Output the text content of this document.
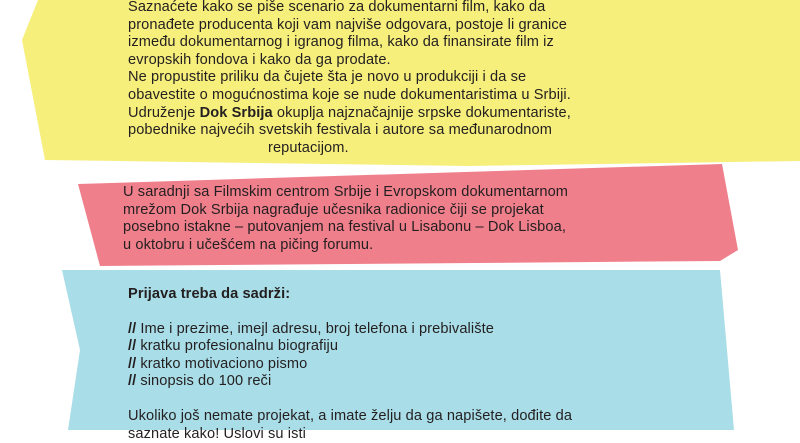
Saznaćete kako se piše scenario za dokumentarni film, kako da
pronađete producenta koji vam najviše odgovara, postoje li granice
između dokumentarnog i igranog filma, kako da finansirate film iz
evropskih fondova i kako da ga prodate.
Ne propustite priliku da čujete šta je novo u produkciji i da se
obavestite o mogućnostima koje se nude dokumentaristima u Srbiji.
Udruženje Dok Srbija okuplja najznačajnije srpske dokumentariste,
pobednike najvećih svetskih festivala i autore sa međunarodnom
reputacijom.
U saradnji sa Filmskim centrom Srbije i Evropskom dokumentarnom
mrežom Dok Srbija nagrađuje učesnika radionice čiji se projekat
posebno istakne – putovanjem na festival u Lisabonu – Dok Lisboa,
u oktobru i učešćem na pičing forumu.
Prijava treba da sadrži:
// Ime i prezime, imejl adresu, broj telefona i prebivalište
// kratku profesionalnu biografiju
// kratko motivaciono pismo
// sinopsis do 100 reči
Ukoliko još nemate projekat, a imate želju da ga napišete, dođite da
saznate kako! Uslovi su isti
